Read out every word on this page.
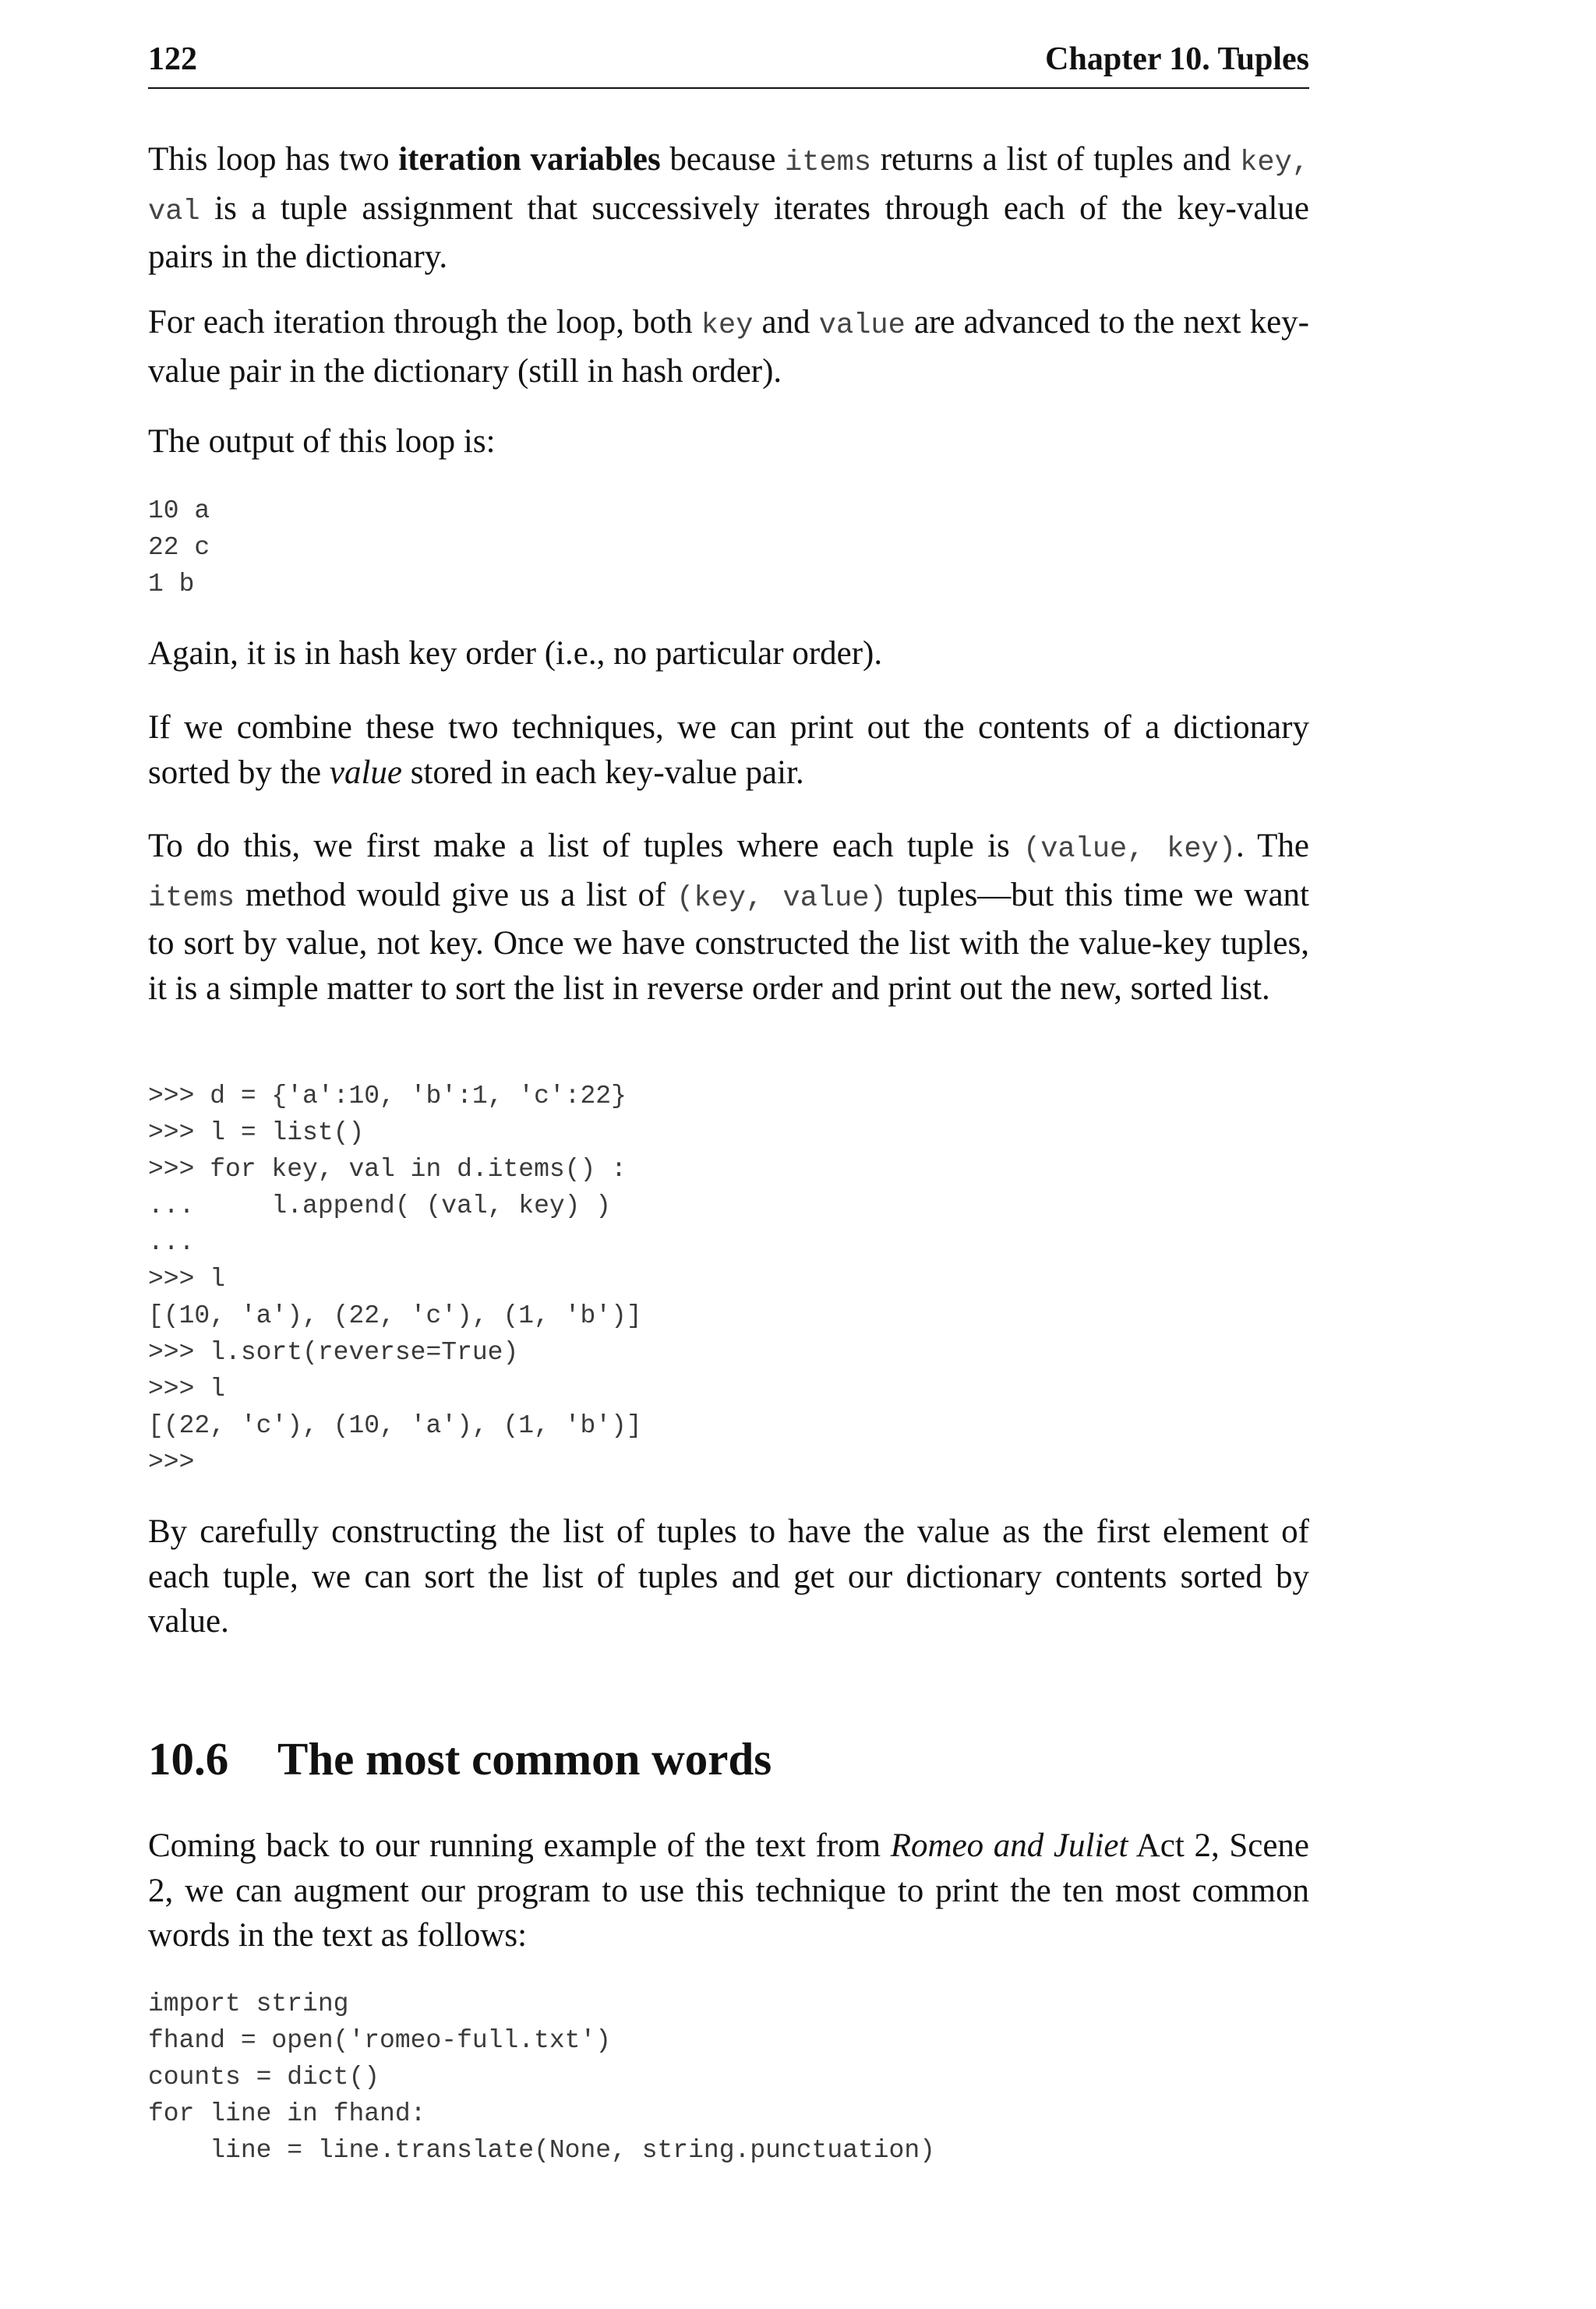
122	Chapter 10. Tuples
This loop has two iteration variables because items returns a list of tuples and key, val is a tuple assignment that successively iterates through each of the key-value pairs in the dictionary.
For each iteration through the loop, both key and value are advanced to the next key-value pair in the dictionary (still in hash order).
The output of this loop is:
10 a
22 c
1 b
Again, it is in hash key order (i.e., no particular order).
If we combine these two techniques, we can print out the contents of a dictionary sorted by the value stored in each key-value pair.
To do this, we first make a list of tuples where each tuple is (value, key). The items method would give us a list of (key, value) tuples—but this time we want to sort by value, not key. Once we have constructed the list with the value-key tuples, it is a simple matter to sort the list in reverse order and print out the new, sorted list.
>>> d = {'a':10, 'b':1, 'c':22}
>>> l = list()
>>> for key, val in d.items() :
...     l.append( (val, key) )
...
>>> l
[(10, 'a'), (22, 'c'), (1, 'b')]
>>> l.sort(reverse=True)
>>> l
[(22, 'c'), (10, 'a'), (1, 'b')]
>>>
By carefully constructing the list of tuples to have the value as the first element of each tuple, we can sort the list of tuples and get our dictionary contents sorted by value.
10.6 The most common words
Coming back to our running example of the text from Romeo and Juliet Act 2, Scene 2, we can augment our program to use this technique to print the ten most common words in the text as follows:
import string
fhand = open('romeo-full.txt')
counts = dict()
for line in fhand:
line = line.translate(None, string.punctuation)
